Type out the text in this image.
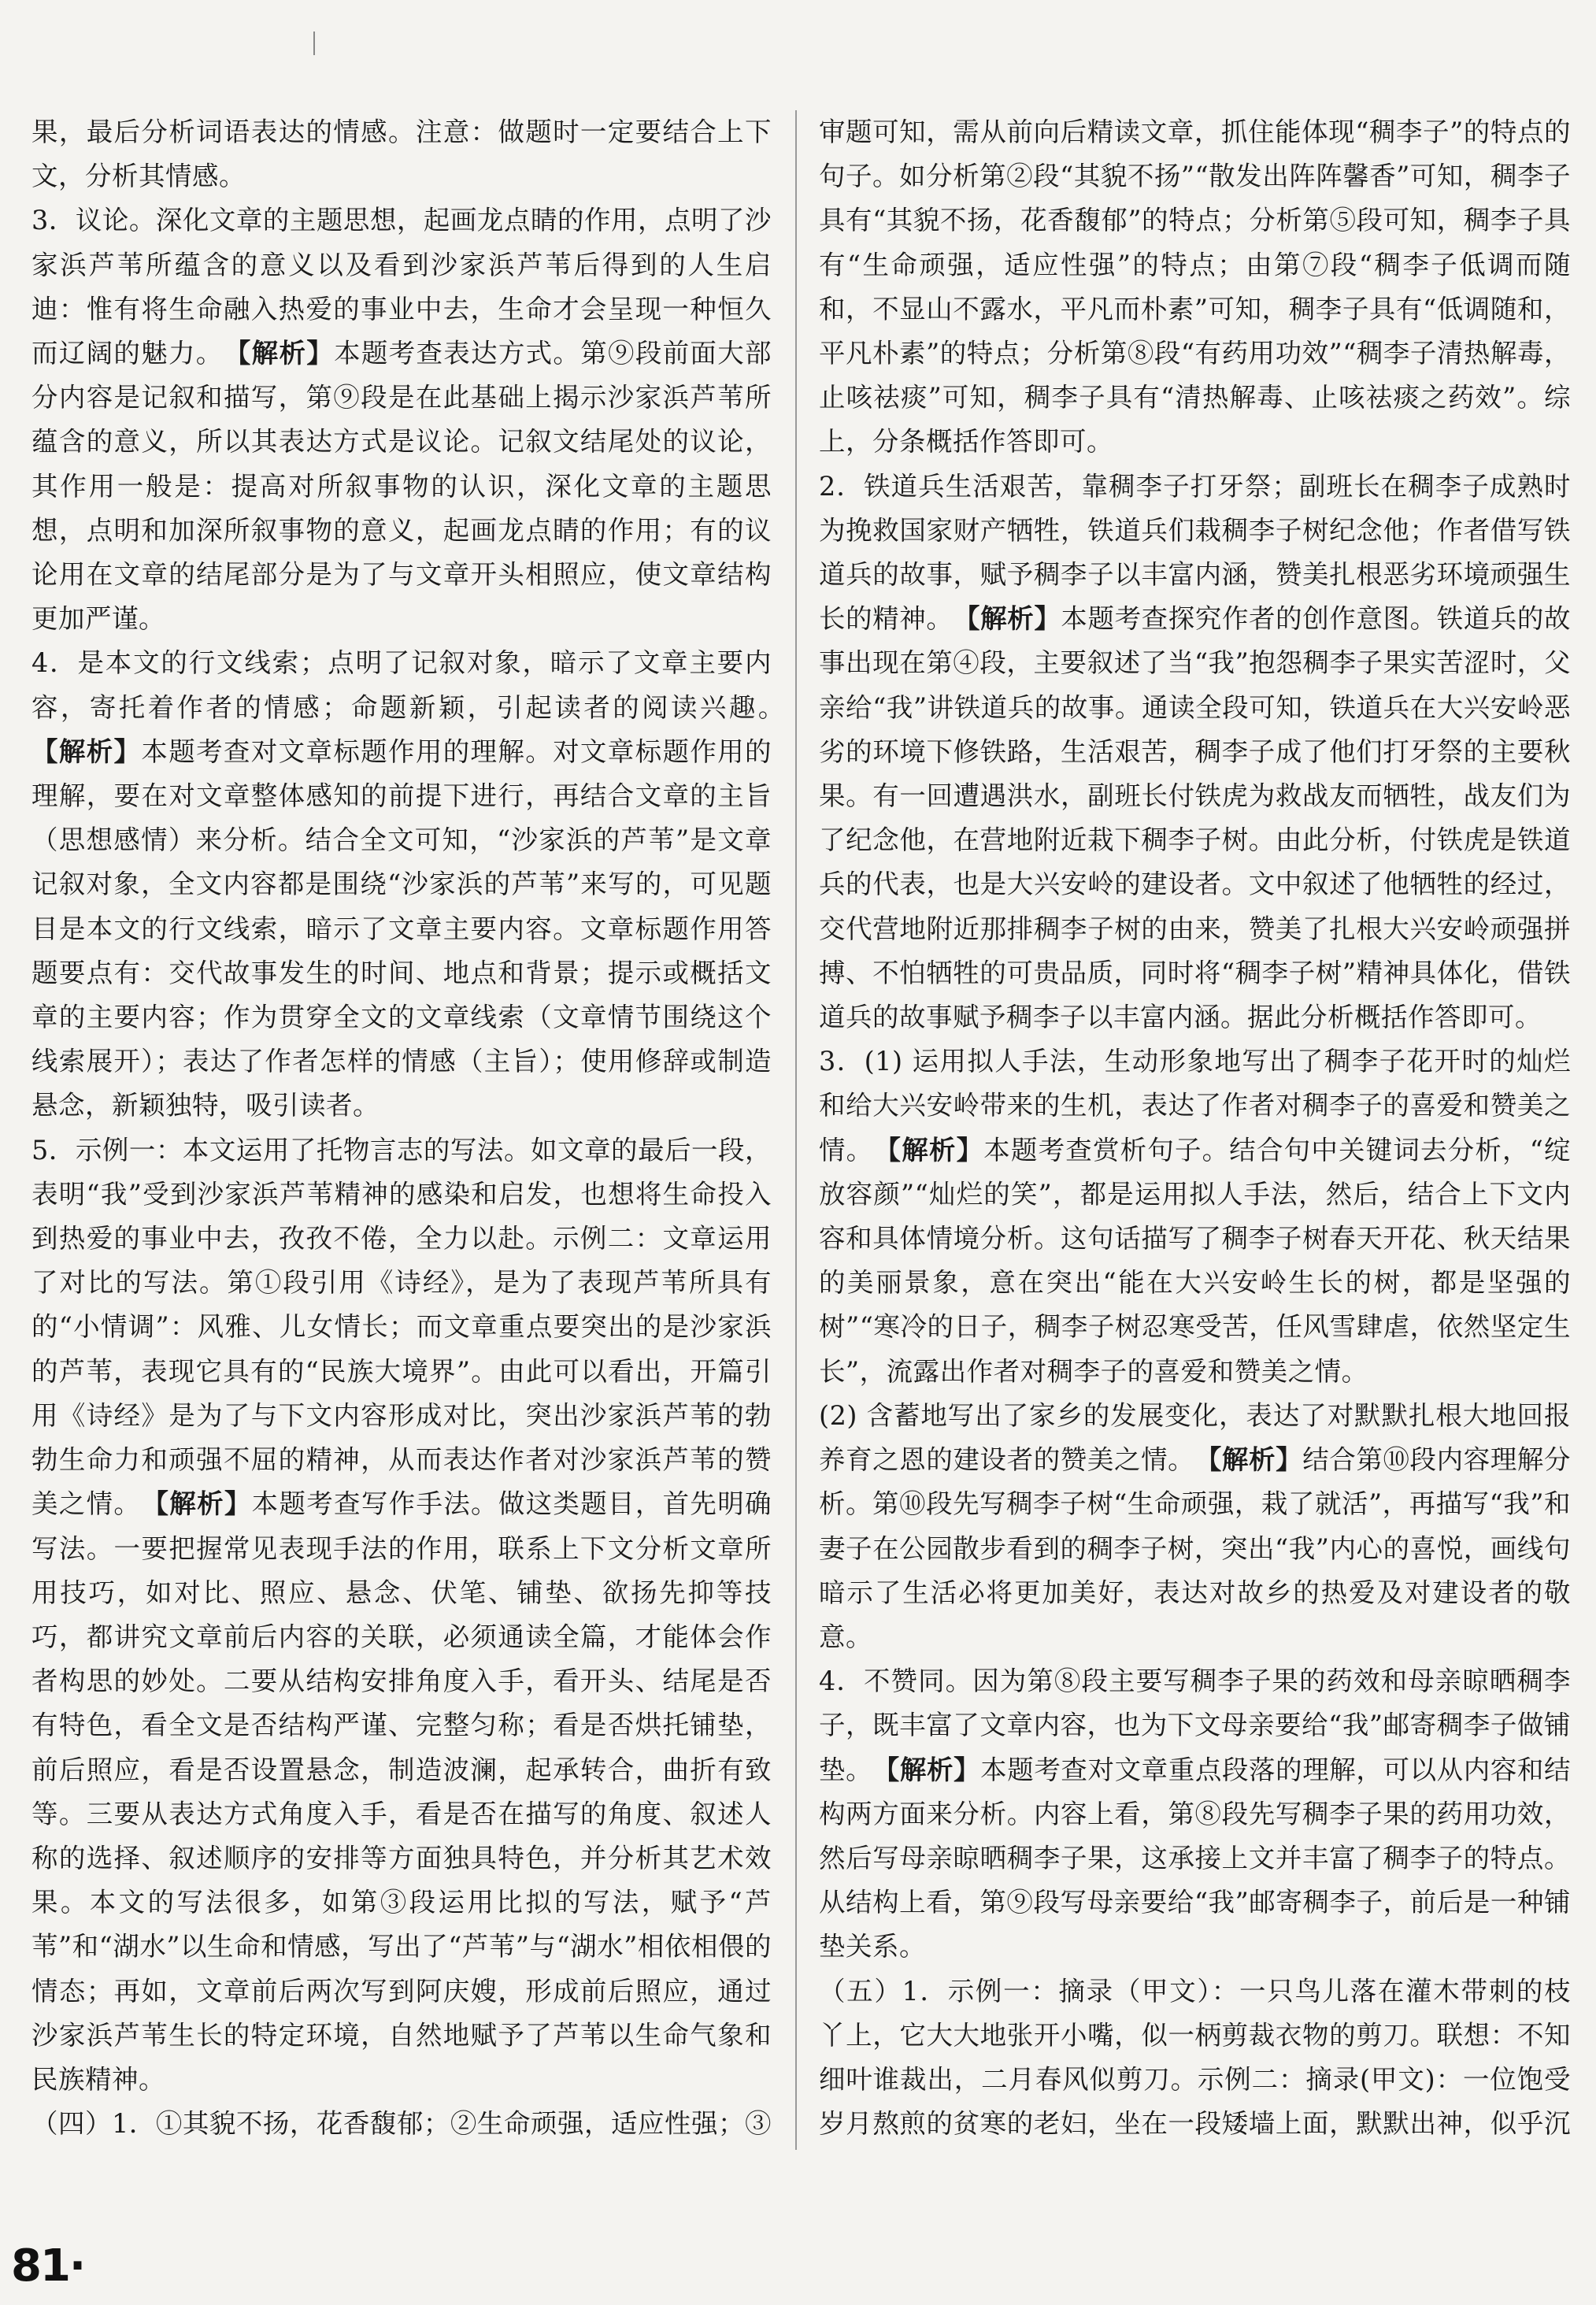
果，最后分析词语表达的情感。注意：做题时一定要结合上下文，分析其情感。

3．议论。深化文章的主题思想，起画龙点睛的作用，点明了沙家浜芦苇所蕴含的意义以及看到沙家浜芦苇后得到的人生启迪：惟有将生命融入热爱的事业中去，生命才会呈现一种恒久而辽阔的魅力。　 【解析】本题考查表达方式。第⑨段前面大部分内容是记叙和描写，第⑨段是在此基础上揭示沙家浜芦苇所蕴含的意义，所以其表达方式是议论。记叙文结尾处的议论，其作用一般是：提高对所叙事物的认识，深化文章的主题思想，点明和加深所叙事物的意义，起画龙点睛的作用；有的议论用在文章的结尾部分是为了与文章开头相照应，使文章结构更加严谨。

4．是本文的行文线索；点明了记叙对象，暗示了文章主要内容，寄托着作者的情感；命题新颖，引起读者的阅读兴趣。　【解析】本题考查对文章标题作用的理解。对文章标题作用的理解，要在对文章整体感知的前提下进行，再结合文章的主旨（思想感情）来分析。结合全文可知，“沙家浜的芦苇”是文章记叙对象，全文内容都是围绕“沙家浜的芦苇”来写的，可见题目是本文的行文线索，暗示了文章主要内容。文章标题作用答题要点有：交代故事发生的时间、地点和背景；提示或概括文章的主要内容；作为贯穿全文的文章线索（文章情节围绕这个线索展开）；表达了作者怎样的情感（主旨）；使用修辞或制造悬念，新颖独特，吸引读者。

5．示例一：本文运用了托物言志的写法。如文章的最后一段，表明“我”受到沙家浜芦苇精神的感染和启发，也想将生命投入到热爱的事业中去，孜孜不倦，全力以赴。示例二：文章运用了对比的写法。第①段引用《诗经》，是为了表现芦苇所具有的“小情调”：风雅、儿女情长；而文章重点要突出的是沙家浜的芦苇，表现它具有的“民族大境界”。由此可以看出，开篇引用《诗经》是为了与下文内容形成对比，突出沙家浜芦苇的勃勃生命力和顽强不屈的精神，从而表达作者对沙家浜芦苇的赞美之情。　 【解析】本题考查写作手法。做这类题目，首先明确写法。一要把握常见表现手法的作用，联系上下文分析文章所用技巧，如对比、照应、悬念、伏笔、铺垫、欲扬先抑等技巧，都讲究文章前后内容的关联，必须通读全篇，才能体会作者构思的妙处。二要从结构安排角度入手，看开头、结尾是否有特色，看全文是否结构严谨、完整匀称；看是否烘托铺垫，前后照应，看是否设置悬念，制造波澜，起承转合，曲折有致等。三要从表达方式角度入手，看是否在描写的角度、叙述人称的选择、叙述顺序的安排等方面独具特色，并分析其艺术效果。本文的写法很多，如第③段运用比拟的写法，赋予“芦苇”和“湖水”以生命和情感，写出了“芦苇”与“湖水”相依相偎的情态；再如，文章前后两次写到阿庆嫂，形成前后照应，通过沙家浜芦苇生长的特定环境，自然地赋予了芦苇以生命气象和民族精神。

（四）1．①其貌不扬，花香馥郁；②生命顽强，适应性强；③ 　

审题可知，需从前向后精读文章，抓住能体现“稠李子”的特点的句子。如分析第②段“其貌不扬”“散发出阵阵馨香”可知，稠李子具有“其貌不扬，花香馥郁”的特点；分析第⑤段可知，稠李子具有“生命顽强，适应性强”的特点；由第⑦段“稠李子低调而随和，不显山不露水，平凡而朴素”可知，稠李子具有“低调随和，平凡朴素”的特点；分析第⑧段“有药用功效”“稠李子清热解毒，止咳祛痰”可知，稠李子具有“清热解毒、止咳祛痰之药效”。综上，分条概括作答即可。

2．铁道兵生活艰苦，靠稠李子打牙祭；副班长在稠李子成熟时为挽救国家财产牺牲，铁道兵们栽稠李子树纪念他；作者借写铁道兵的故事，赋予稠李子以丰富内涵，赞美扎根恶劣环境顽强生长的精神。　 【解析】本题考查探究作者的创作意图。铁道兵的故事出现在第④段，主要叙述了当“我”抱怨稠李子果实苦涩时，父亲给“我”讲铁道兵的故事。通读全段可知，铁道兵在大兴安岭恶劣的环境下修铁路，生活艰苦，稠李子成了他们打牙祭的主要秋果。有一回遭遇洪水，副班长付铁虎为救战友而牺牲，战友们为了纪念他，在营地附近栽下稠李子树。由此分析，付铁虎是铁道兵的代表，也是大兴安岭的建设者。文中叙述了他牺牲的经过，交代营地附近那排稠李子树的由来，赞美了扎根大兴安岭顽强拼搏、不怕牺牲的可贵品质，同时将“稠李子树”精神具体化，借铁道兵的故事赋予稠李子以丰富内涵。据此分析概括作答即可。

3．(1) 运用拟人手法，生动形象地写出了稠李子花开时的灿烂和给大兴安岭带来的生机，表达了作者对稠李子的喜爱和赞美之情。　 【解析】本题考查赏析句子。结合句中关键词去分析，“绽放容颜”“灿烂的笑”，都是运用拟人手法，然后，结合上下文内容和具体情境分析。这句话描写了稠李子树春天开花、秋天结果的美丽景象，意在突出“能在大兴安岭生长的树，都是坚强的树”“寒冷的日子，稠李子树忍寒受苦，任风雪肆虐，依然坚定生长”，流露出作者对稠李子的喜爱和赞美之情。

(2) 含蓄地写出了家乡的发展变化，表达了对默默扎根大地回报养育之恩的建设者的赞美之情。　 【解析】结合第⑩段内容理解分析。第⑩段先写稠李子树“生命顽强，栽了就活”，再描写“我”和妻子在公园散步看到的稠李子树，突出“我”内心的喜悦，画线句暗示了生活必将更加美好，表达对故乡的热爱及对建设者的敬意。

4．不赞同。因为第⑧段主要写稠李子果的药效和母亲晾晒稠李子，既丰富了文章内容，也为下文母亲要给“我”邮寄稠李子做铺垫。　 【解析】本题考查对文章重点段落的理解，可以从内容和结构两方面来分析。内容上看，第⑧段先写稠李子果的药用功效，然后写母亲晾晒稠李子果，这承接上文并丰富了稠李子的特点。从结构上看，第⑨段写母亲要给“我”邮寄稠李子，前后是一种铺垫关系。

（五）1．示例一：摘录（甲文）：一只鸟儿落在灌木带刺的枝丫上，它大大地张开小嘴，似一柄剪裁衣物的剪刀。联想：不知细叶谁裁出，二月春风似剪刀。示例二：摘录(甲文)：一位饱受岁月熬煎的贫寒的老妇，坐在一段矮墙上面，默默出神，似乎沉

81·
